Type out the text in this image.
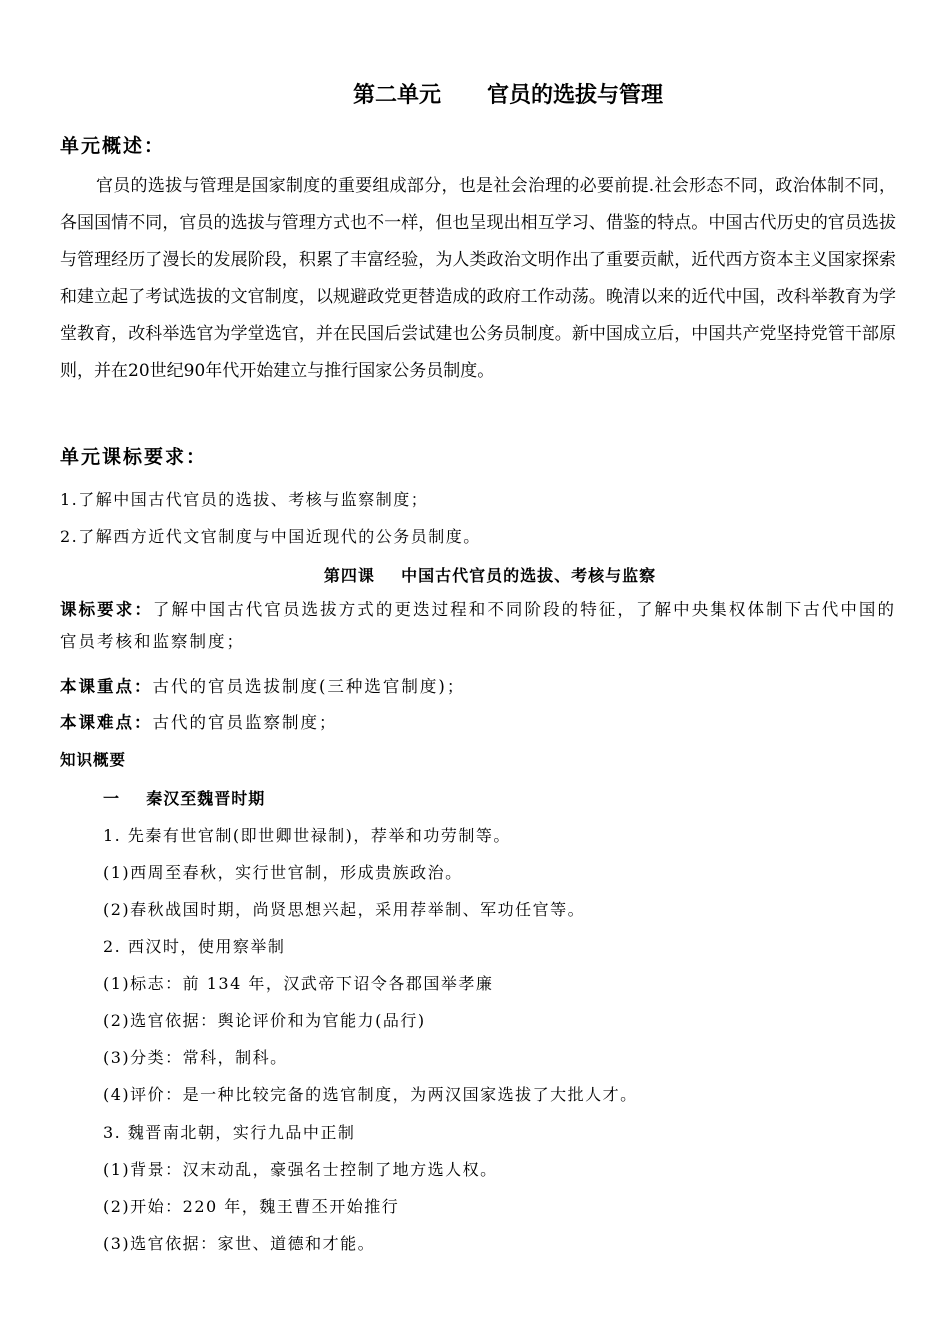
第二单元      官员的选拔与管理
单元概述：

官员的选拔与管理是国家制度的重要组成部分，也是社会治理的必要前提.社会形态不同，政治体制不同，各国国情不同，官员的选拔与管理方式也不一样，但也呈现出相互学习、借鉴的特点。中国古代历史的官员选拔与管理经历了漫长的发展阶段，积累了丰富经验，为人类政治文明作出了重要贡献，近代西方资本主义国家探索和建立起了考试选拔的文官制度，以规避政党更替造成的政府工作动荡。晚清以来的近代中国，改科举教育为学堂教育，改科举选官为学堂选官，并在民国后尝试建也公务员制度。新中国成立后，中国共产党坚持党管干部原则，并在20世纪90年代开始建立与推行国家公务员制度。

单元课标要求：
1.了解中国古代官员的选拔、考核与监察制度；
2.了解西方近代文官制度与中国近现代的公务员制度。
第四课    中国古代官员的选拔、考核与监察

课标要求：了解中国古代官员选拔方式的更迭过程和不同阶段的特征，了解中央集权体制下古代中国的官员考核和监察制度；

本课重点：古代的官员选拔制度(三种选官制度)；

本课难点：古代的官员监察制度；

知识概要
一    秦汉至魏晋时期
1. 先秦有世官制(即世卿世禄制)，荐举和功劳制等。
(1)西周至春秋，实行世官制，形成贵族政治。
(2)春秋战国时期，尚贤思想兴起，采用荐举制、军功任官等。
2. 西汉时，使用察举制
(1)标志：前 134 年，汉武帝下诏令各郡国举孝廉
(2)选官依据：舆论评价和为官能力(品行)
(3)分类：常科，制科。
(4)评价：是一种比较完备的选官制度，为两汉国家选拔了大批人才。
3. 魏晋南北朝，实行九品中正制
(1)背景：汉末动乱，豪强名士控制了地方选人权。
(2)开始：220 年，魏王曹丕开始推行
(3)选官依据：家世、道德和才能。
